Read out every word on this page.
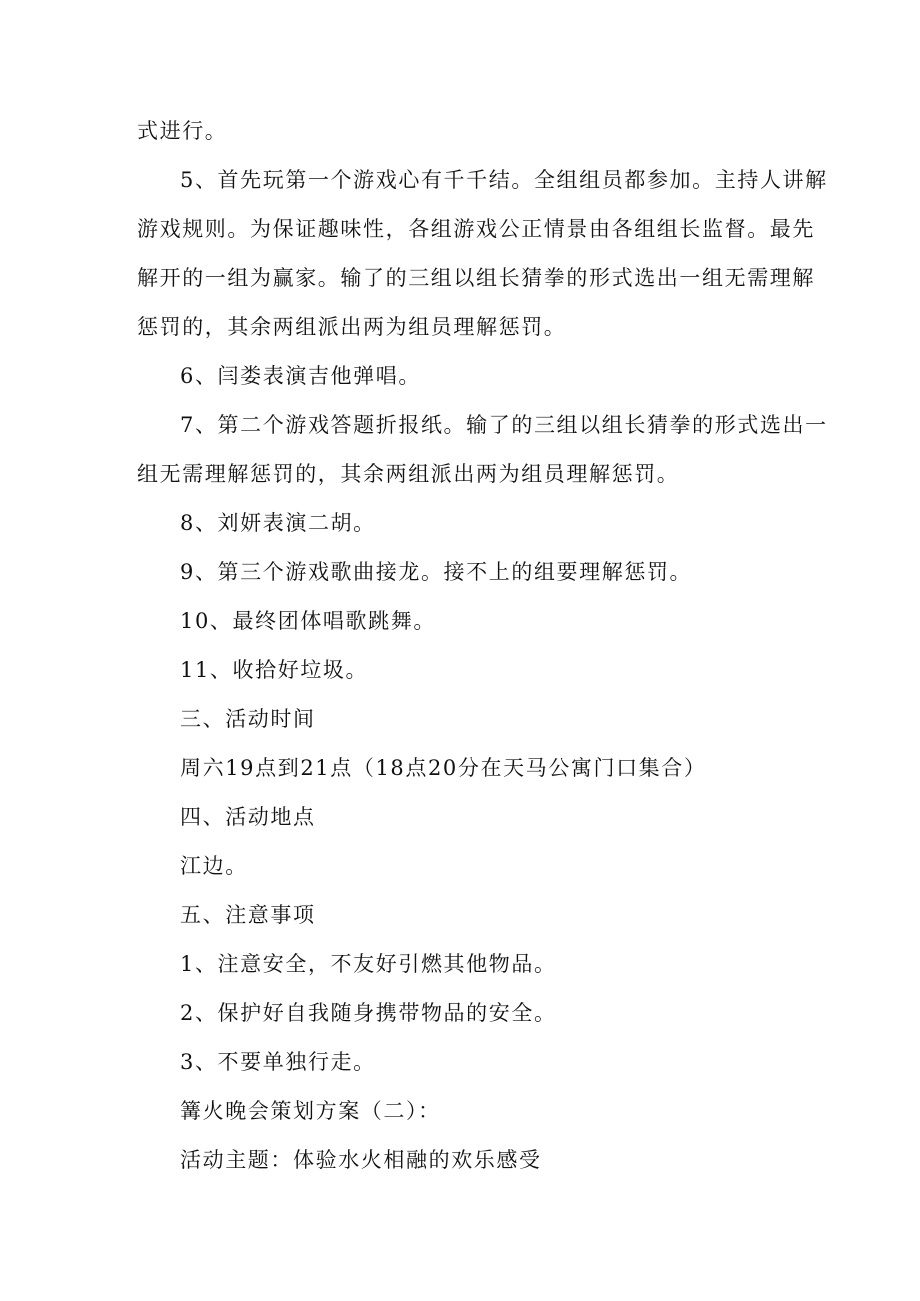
式进行。
5、首先玩第一个游戏心有千千结。全组组员都参加。主持人讲解
游戏规则。为保证趣味性，各组游戏公正情景由各组组长监督。最先
解开的一组为赢家。输了的三组以组长猜拳的形式选出一组无需理解
惩罚的，其余两组派出两为组员理解惩罚。
6、闫娄表演吉他弹唱。
7、第二个游戏答题折报纸。输了的三组以组长猜拳的形式选出一
组无需理解惩罚的，其余两组派出两为组员理解惩罚。
8、刘妍表演二胡。
9、第三个游戏歌曲接龙。接不上的组要理解惩罚。
10、最终团体唱歌跳舞。
11、收拾好垃圾。
三、活动时间
周六19点到21点（18点20分在天马公寓门口集合）
四、活动地点
江边。
五、注意事项
1、注意安全，不友好引燃其他物品。
2、保护好自我随身携带物品的安全。
3、不要单独行走。
篝火晚会策划方案（二）：
活动主题：体验水火相融的欢乐感受
